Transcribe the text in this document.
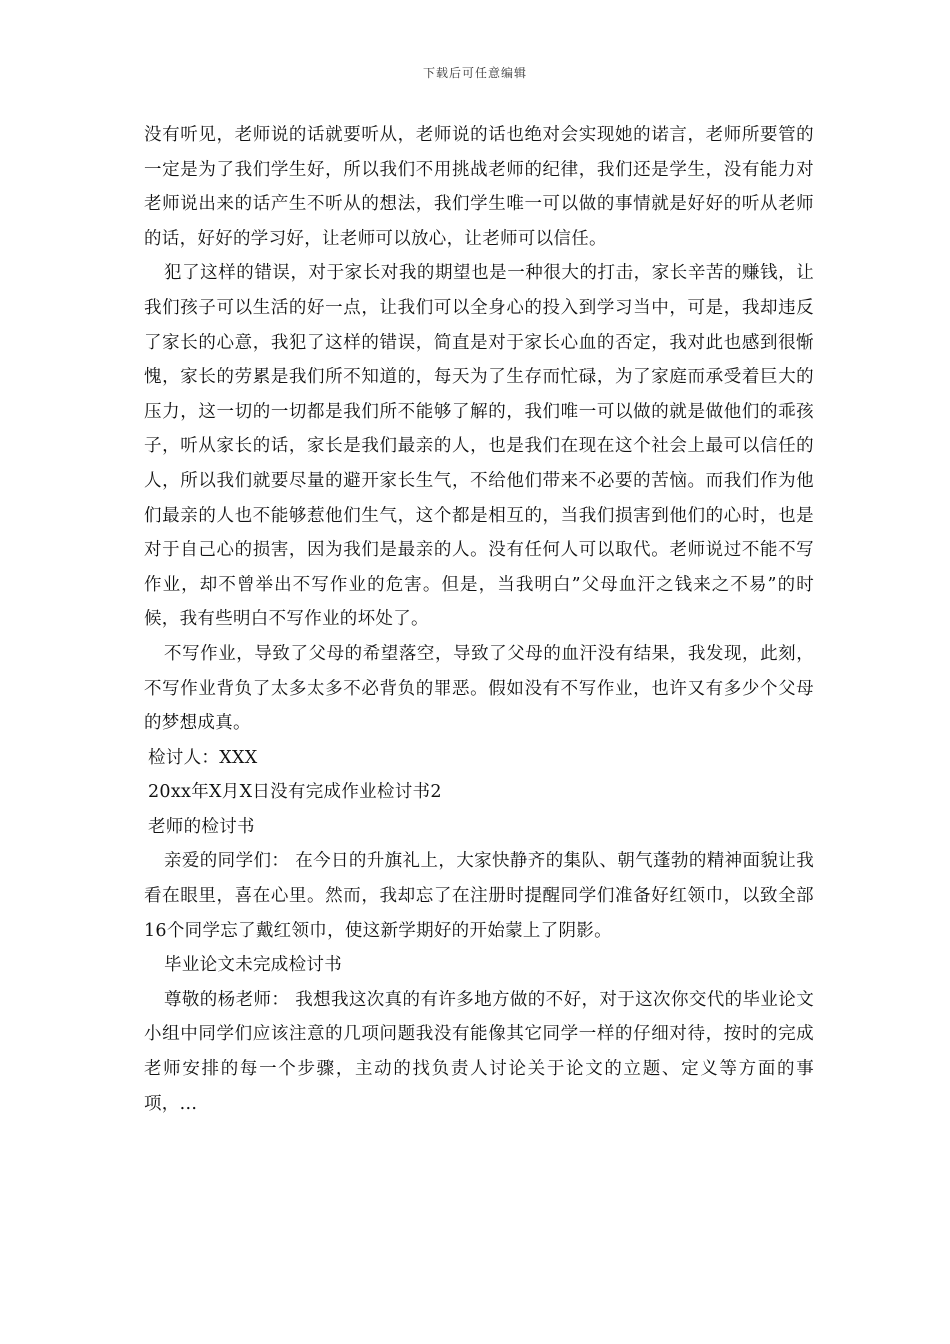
下载后可任意编辑

没有听见，老师说的话就要听从，老师说的话也绝对会实现她的诺言，老师所要管的一定是为了我们学生好，所以我们不用挑战老师的纪律，我们还是学生，没有能力对老师说出来的话产生不听从的想法，我们学生唯一可以做的事情就是好好的听从老师的话，好好的学习好，让老师可以放心，让老师可以信任。

犯了这样的错误，对于家长对我的期望也是一种很大的打击，家长辛苦的赚钱，让我们孩子可以生活的好一点，让我们可以全身心的投入到学习当中，可是，我却违反了家长的心意，我犯了这样的错误，简直是对于家长心血的否定，我对此也感到很惭愧，家长的劳累是我们所不知道的，每天为了生存而忙碌，为了家庭而承受着巨大的压力，这一切的一切都是我们所不能够了解的，我们唯一可以做的就是做他们的乖孩子，听从家长的话，家长是我们最亲的人，也是我们在现在这个社会上最可以信任的人，所以我们就要尽量的避开家长生气，不给他们带来不必要的苦恼。而我们作为他们最亲的人也不能够惹他们生气，这个都是相互的，当我们损害到他们的心时，也是对于自己心的损害，因为我们是最亲的人。没有任何人可以取代。老师说过不能不写作业，却不曾举出不写作业的危害。但是，当我明白”父母血汗之钱来之不易”的时候，我有些明白不写作业的坏处了。

不写作业，导致了父母的希望落空，导致了父母的血汗没有结果，我发现，此刻，不写作业背负了太多太多不必背负的罪恶。假如没有不写作业，也许又有多少个父母的梦想成真。

检讨人：XXX

20xx年X月X日没有完成作业检讨书2

老师的检讨书

亲爱的同学们： 在今日的升旗礼上，大家快静齐的集队、朝气蓬勃的精神面貌让我看在眼里，喜在心里。然而，我却忘了在注册时提醒同学们准备好红领巾，以致全部16个同学忘了戴红领巾，使这新学期好的开始蒙上了阴影。

毕业论文未完成检讨书

尊敬的杨老师： 我想我这次真的有许多地方做的不好，对于这次你交代的毕业论文小组中同学们应该注意的几项问题我没有能像其它同学一样的仔细对待，按时的完成老师安排的每一个步骤，主动的找负责人讨论关于论文的立题、定义等方面的事项，...
